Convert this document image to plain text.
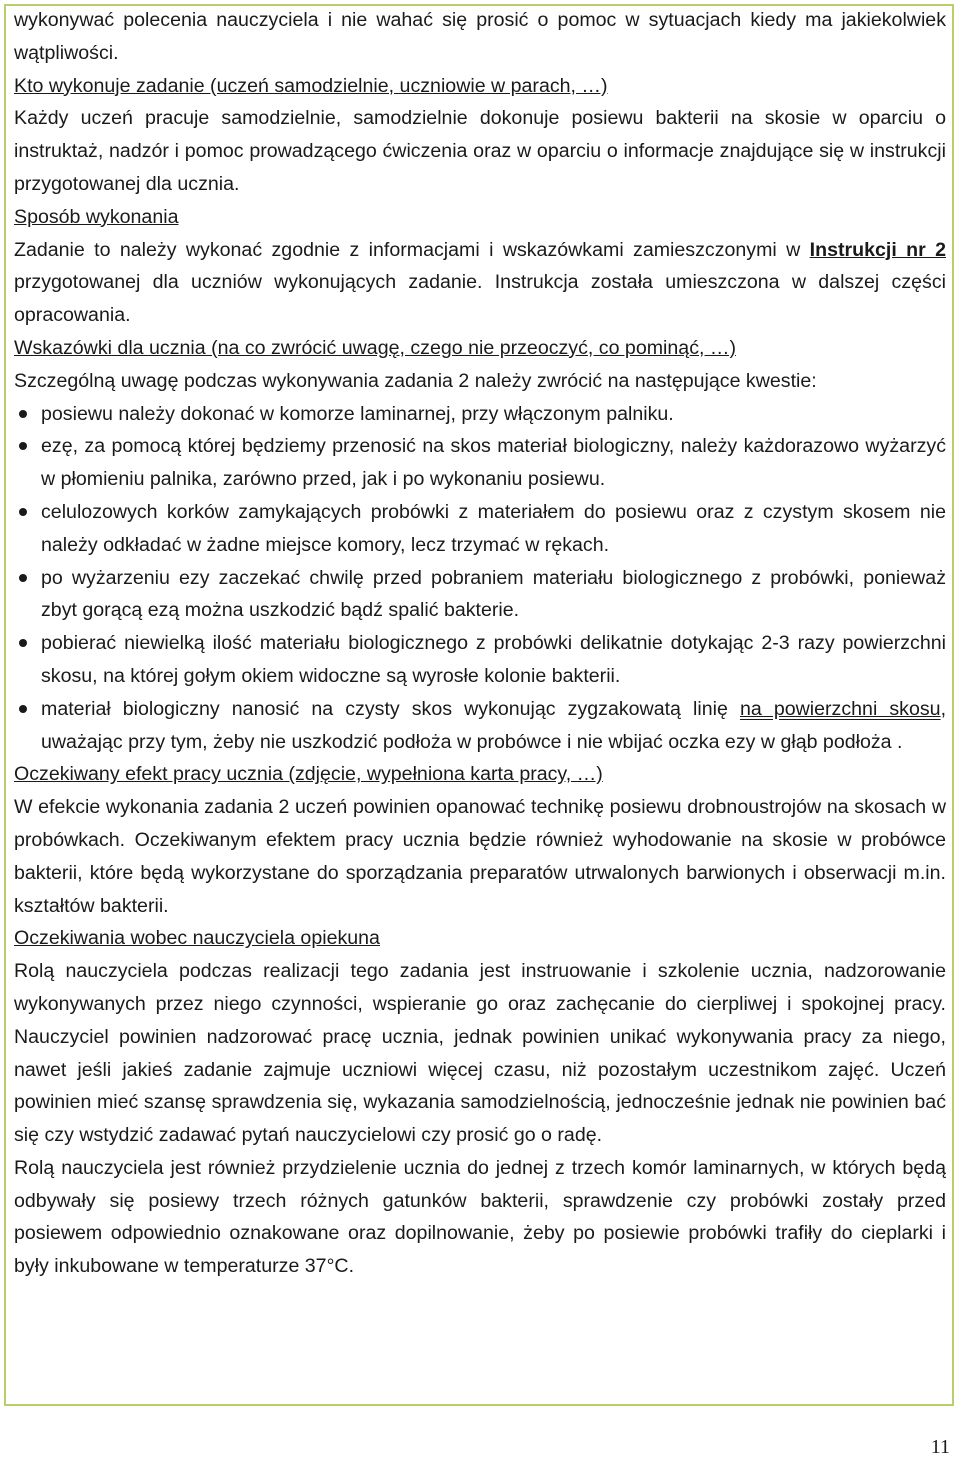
wykonywać polecenia nauczyciela i nie wahać się prosić o pomoc w sytuacjach kiedy ma jakiekolwiek wątpliwości.

Kto wykonuje zadanie (uczeń samodzielnie, uczniowie w parach, …)

Każdy uczeń pracuje samodzielnie, samodzielnie dokonuje posiewu bakterii na skosie w oparciu o instruktaż, nadzór i pomoc prowadzącego ćwiczenia oraz w oparciu o informacje znajdujące się w instrukcji przygotowanej dla ucznia.

Sposób wykonania

Zadanie to należy wykonać zgodnie z informacjami i wskazówkami zamieszczonymi w Instrukcji nr 2 przygotowanej dla uczniów wykonujących zadanie. Instrukcja została umieszczona w dalszej części opracowania.

Wskazówki dla ucznia (na co zwrócić uwagę, czego nie przeoczyć, co pominąć, …)

Szczególną uwagę podczas wykonywania zadania 2 należy zwrócić na następujące kwestie:

posiewu należy dokonać w komorze laminarnej, przy włączonym palniku.
ezę, za pomocą której będziemy przenosić na skos materiał biologiczny, należy każdorazowo wyżarzyć w płomieniu palnika, zarówno przed, jak i po wykonaniu posiewu.
celulozowych korków zamykających probówki z materiałem do posiewu oraz z czystym skosem nie należy odkładać w żadne miejsce komory, lecz trzymać w rękach.
po wyżarzeniu ezy zaczekać chwilę przed pobraniem materiału biologicznego z probówki, ponieważ zbyt gorącą ezą można uszkodzić bądź spalić bakterie.
pobierać niewielką ilość materiału biologicznego z probówki delikatnie dotykając 2-3 razy powierzchni skosu, na której gołym okiem widoczne są wyrosłe kolonie bakterii.
materiał biologiczny nanosić na czysty skos wykonując zygzakowatą linię na powierzchni skosu, uważając przy tym, żeby nie uszkodzić podłoża w probówce i nie wbijać oczka ezy w głąb podłoża .

Oczekiwany efekt pracy ucznia (zdjęcie, wypełniona karta pracy, …)

W efekcie wykonania zadania 2 uczeń powinien opanować technikę posiewu drobnoustrojów na skosach w probówkach. Oczekiwanym efektem pracy ucznia będzie również wyhodowanie na skosie w probówce bakterii, które będą wykorzystane do sporządzania preparatów utrwalonych barwionych i obserwacji m.in. kształtów bakterii.

Oczekiwania wobec nauczyciela opiekuna

Rolą nauczyciela podczas realizacji tego zadania jest instruowanie i szkolenie ucznia, nadzorowanie wykonywanych przez niego czynności, wspieranie go oraz zachęcanie do cierpliwej i spokojnej pracy. Nauczyciel powinien nadzorować pracę ucznia, jednak powinien unikać wykonywania pracy za niego, nawet jeśli jakieś zadanie zajmuje uczniowi więcej czasu, niż pozostałym uczestnikom zajęć. Uczeń powinien mieć szansę sprawdzenia się, wykazania samodzielnością, jednocześnie jednak nie powinien bać się czy wstydzić zadawać pytań nauczycielowi czy prosić go o radę.

Rolą nauczyciela jest również przydzielenie ucznia do jednej z trzech komór laminarnych, w których będą odbywały się posiewy trzech różnych gatunków bakterii, sprawdzenie czy probówki zostały przed posiewem odpowiednio oznakowane oraz dopilnowanie, żeby po posiewie probówki trafiły do cieplarki i były inkubowane w temperaturze 37°C.

11
